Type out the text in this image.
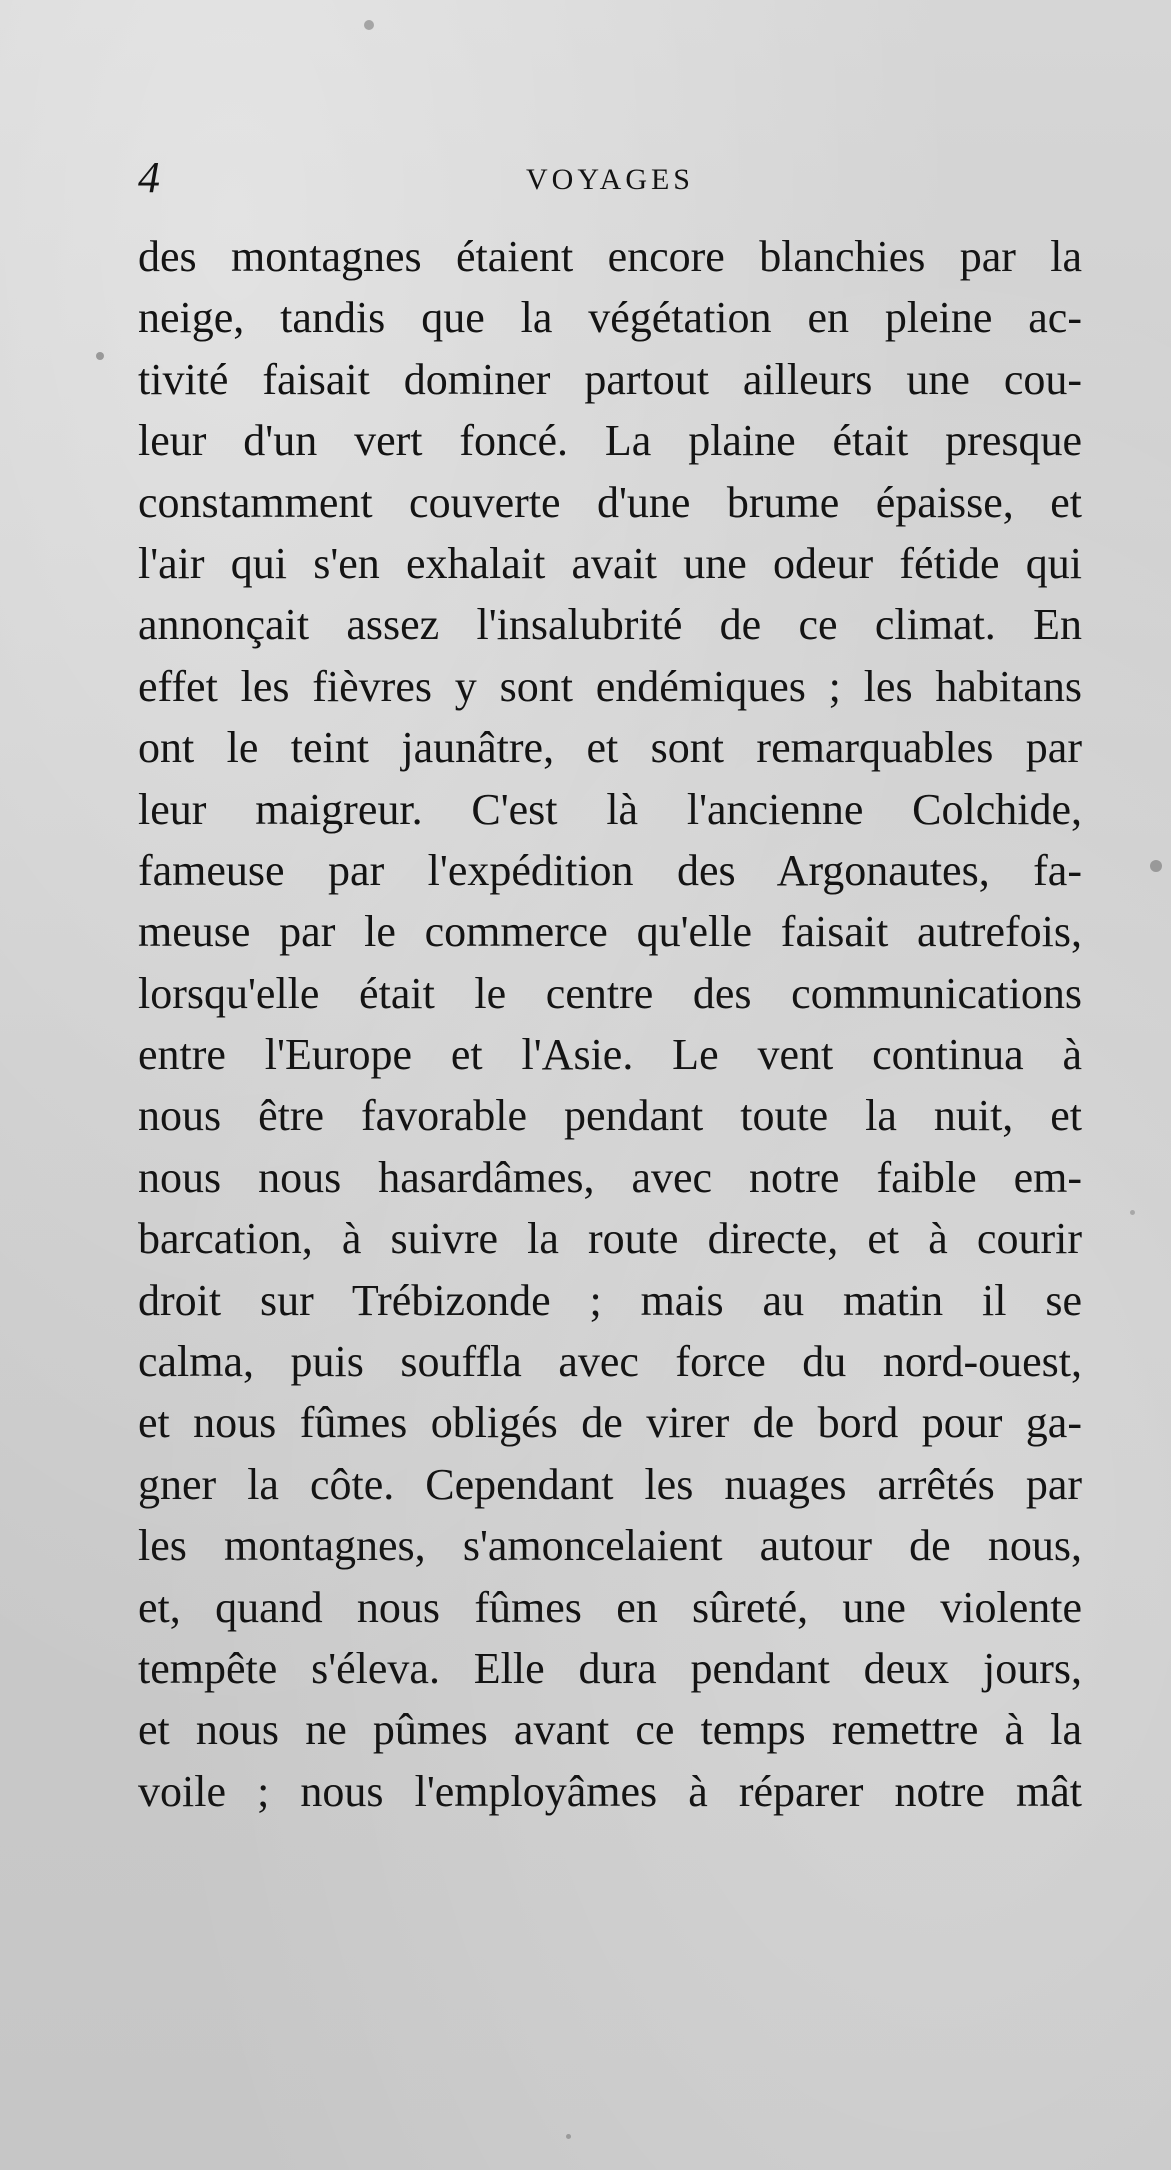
4	VOYAGES
des montagnes étaient encore blanchies par la
neige, tandis que la végétation en pleine ac-
tivité faisait dominer partout ailleurs une cou-
leur d'un vert foncé. La plaine était presque
constamment couverte d'une brume épaisse, et
l'air qui s'en exhalait avait une odeur fétide qui
annonçait assez l'insalubrité de ce climat. En
effet les fièvres y sont endémiques ; les habitans
ont le teint jaunâtre, et sont remarquables par
leur maigreur. C'est là l'ancienne Colchide,
fameuse par l'expédition des Argonautes, fa-
meuse par le commerce qu'elle faisait autrefois,
lorsqu'elle était le centre des communications
entre l'Europe et l'Asie. Le vent continua à
nous être favorable pendant toute la nuit, et
nous nous hasardâmes, avec notre faible em-
barcation, à suivre la route directe, et à courir
droit sur Trébizonde ; mais au matin il se
calma, puis souffla avec force du nord-ouest,
et nous fûmes obligés de virer de bord pour ga-
gner la côte. Cependant les nuages arrêtés par
les montagnes, s'amoncelaient autour de nous,
et, quand nous fûmes en sûreté, une violente
tempête s'éleva. Elle dura pendant deux jours,
et nous ne pûmes avant ce temps remettre à la
voile ; nous l'employâmes à réparer notre mât
